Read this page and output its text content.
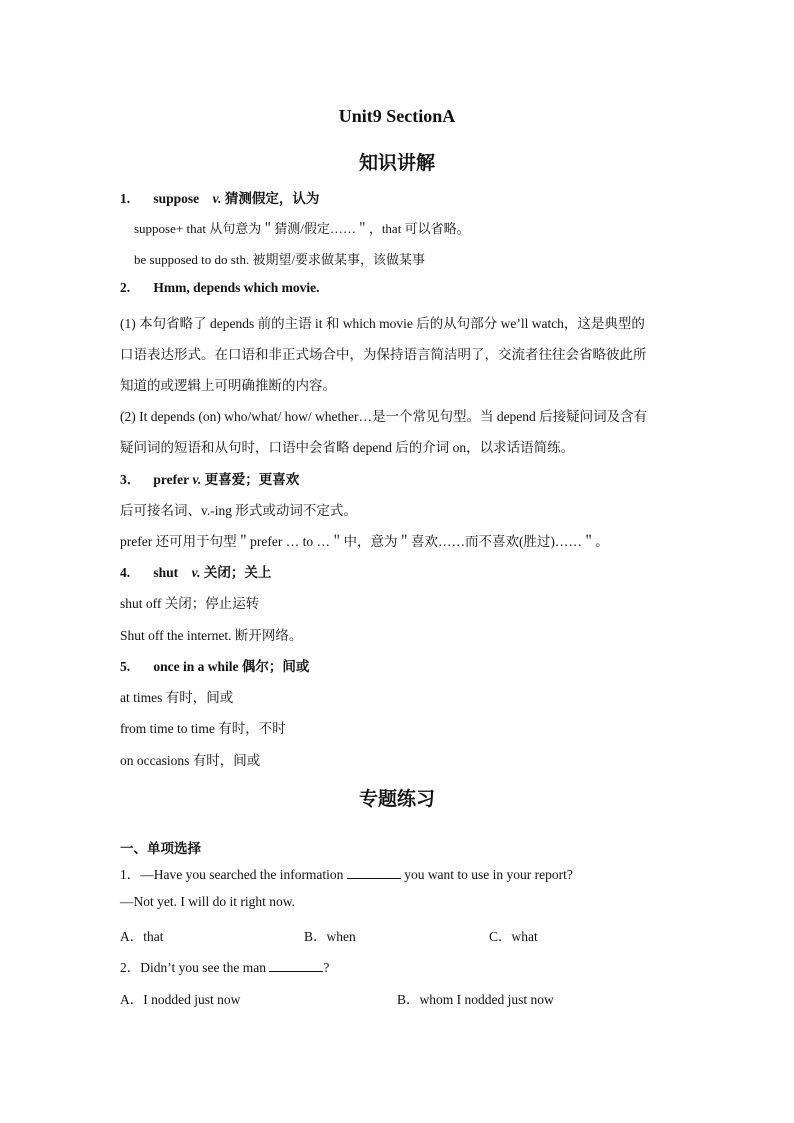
Unit9 SectionA
知识讲解
1. suppose v. 猜测假定，认为
suppose+ that 从句意为＂猜测/假定……＂，that 可以省略。
be supposed to do sth. 被期望/要求做某事，该做某事
2. Hmm, depends which movie.
(1) 本句省略了 depends 前的主语 it 和 which movie 后的从句部分 we’ll watch，这是典型的
口语表达形式。在口语和非正式场合中，为保持语言简洁明了，交流者往往会省略彼此所
知道的或逻辑上可明确推断的内容。
(2) It depends (on) who/what/ how/ whether…是一个常见句型。当 depend 后接疑问词及含有
疑问词的短语和从句时，口语中会省略 depend 后的介词 on，以求话语简练。
3． prefer v. 更喜爱；更喜欢
后可接名词、v.-ing 形式或动词不定式。
prefer 还可用于句型＂prefer … to …＂中，意为＂喜欢……而不喜欢(胜过)……＂。
4. shut v. 关闭；关上
shut off 关闭；停止运转
Shut off the internet. 断开网络。
5. once in a while 偶尔；间或
at times 有时，间或
from time to time 有时，不时
on occasions 有时，间或
专题练习
一、单项选择
1．—Have you searched the information	you want to use in your report?
—Not yet. I will do it right now.
A．that	B．when	C．what
2．Didn’t you see the man	?
A．I nodded just now	B．whom I nodded just now
